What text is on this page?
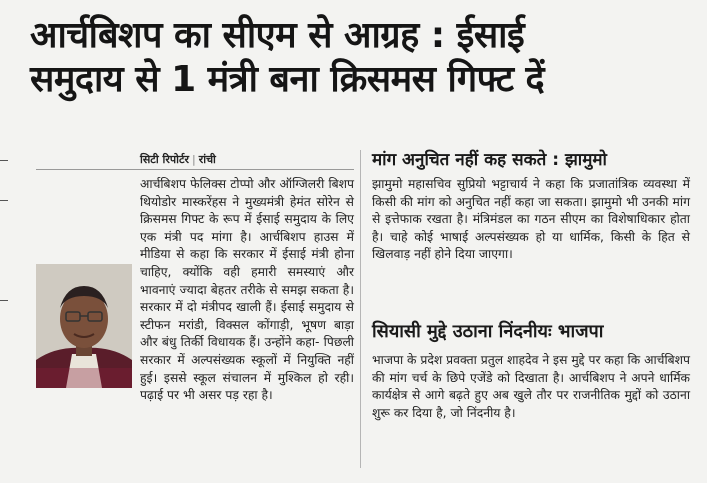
आर्चबिशप का सीएम से आग्रह : ईसाई
समुदाय से 1 मंत्री बना क्रिसमस गिफ्ट दें
सिटी रिपोर्टर | रांची

आर्चबिशप फेलिक्स टोप्पो और ऑग्जिलरी बिशप थियोडोर मास्करेंहस ने मुख्यमंत्री हेमंत सोरेन से क्रिसमस गिफ्ट के रूप में ईसाई समुदाय के लिए एक मंत्री पद मांगा है। आर्चबिशप हाउस में मीडिया से कहा कि सरकार में ईसाई मंत्री होना चाहिए, क्योंकि वही हमारी समस्याएं और भावनाएं ज्यादा बेहतर तरीके से समझ सकता है। सरकार में दो मंत्रीपद खाली हैं। ईसाई समुदाय से स्टीफन मरांडी, विक्सल कोंगाड़ी, भूषण बाड़ा और बंधु तिर्की विधायक हैं। उन्होंने कहा- पिछली सरकार में अल्पसंख्यक स्कूलों में नियुक्ति नहीं हुई। इससे स्कूल संचालन में मुश्किल हो रही। पढ़ाई पर भी असर पड़ रहा है।

मांग अनुचित नहीं कह सकते : झामुमो
झामुमो महासचिव सुप्रियो भट्टाचार्य ने कहा कि प्रजातांत्रिक व्यवस्था में किसी की मांग को अनुचित नहीं कहा जा सकता। झामुमो भी उनकी मांग से इत्तेफाक रखता है। मंत्रिमंडल का गठन सीएम का विशेषाधिकार होता है। चाहे कोई भाषाई अल्पसंख्यक हो या धार्मिक, किसी के हित से खिलवाड़ नहीं होने दिया जाएगा।
सियासी मुद्दे उठाना निंदनीयः भाजपा
भाजपा के प्रदेश प्रवक्ता प्रतुल शाहदेव ने इस मुद्दे पर कहा कि आर्चबिशप की मांग चर्च के छिपे एजेंडे को दिखाता है। आर्चबिशप ने अपने धार्मिक कार्यक्षेत्र से आगे बढ़ते हुए अब खुले तौर पर राजनीतिक मुद्दों को उठाना शुरू कर दिया है, जो निंदनीय है।
